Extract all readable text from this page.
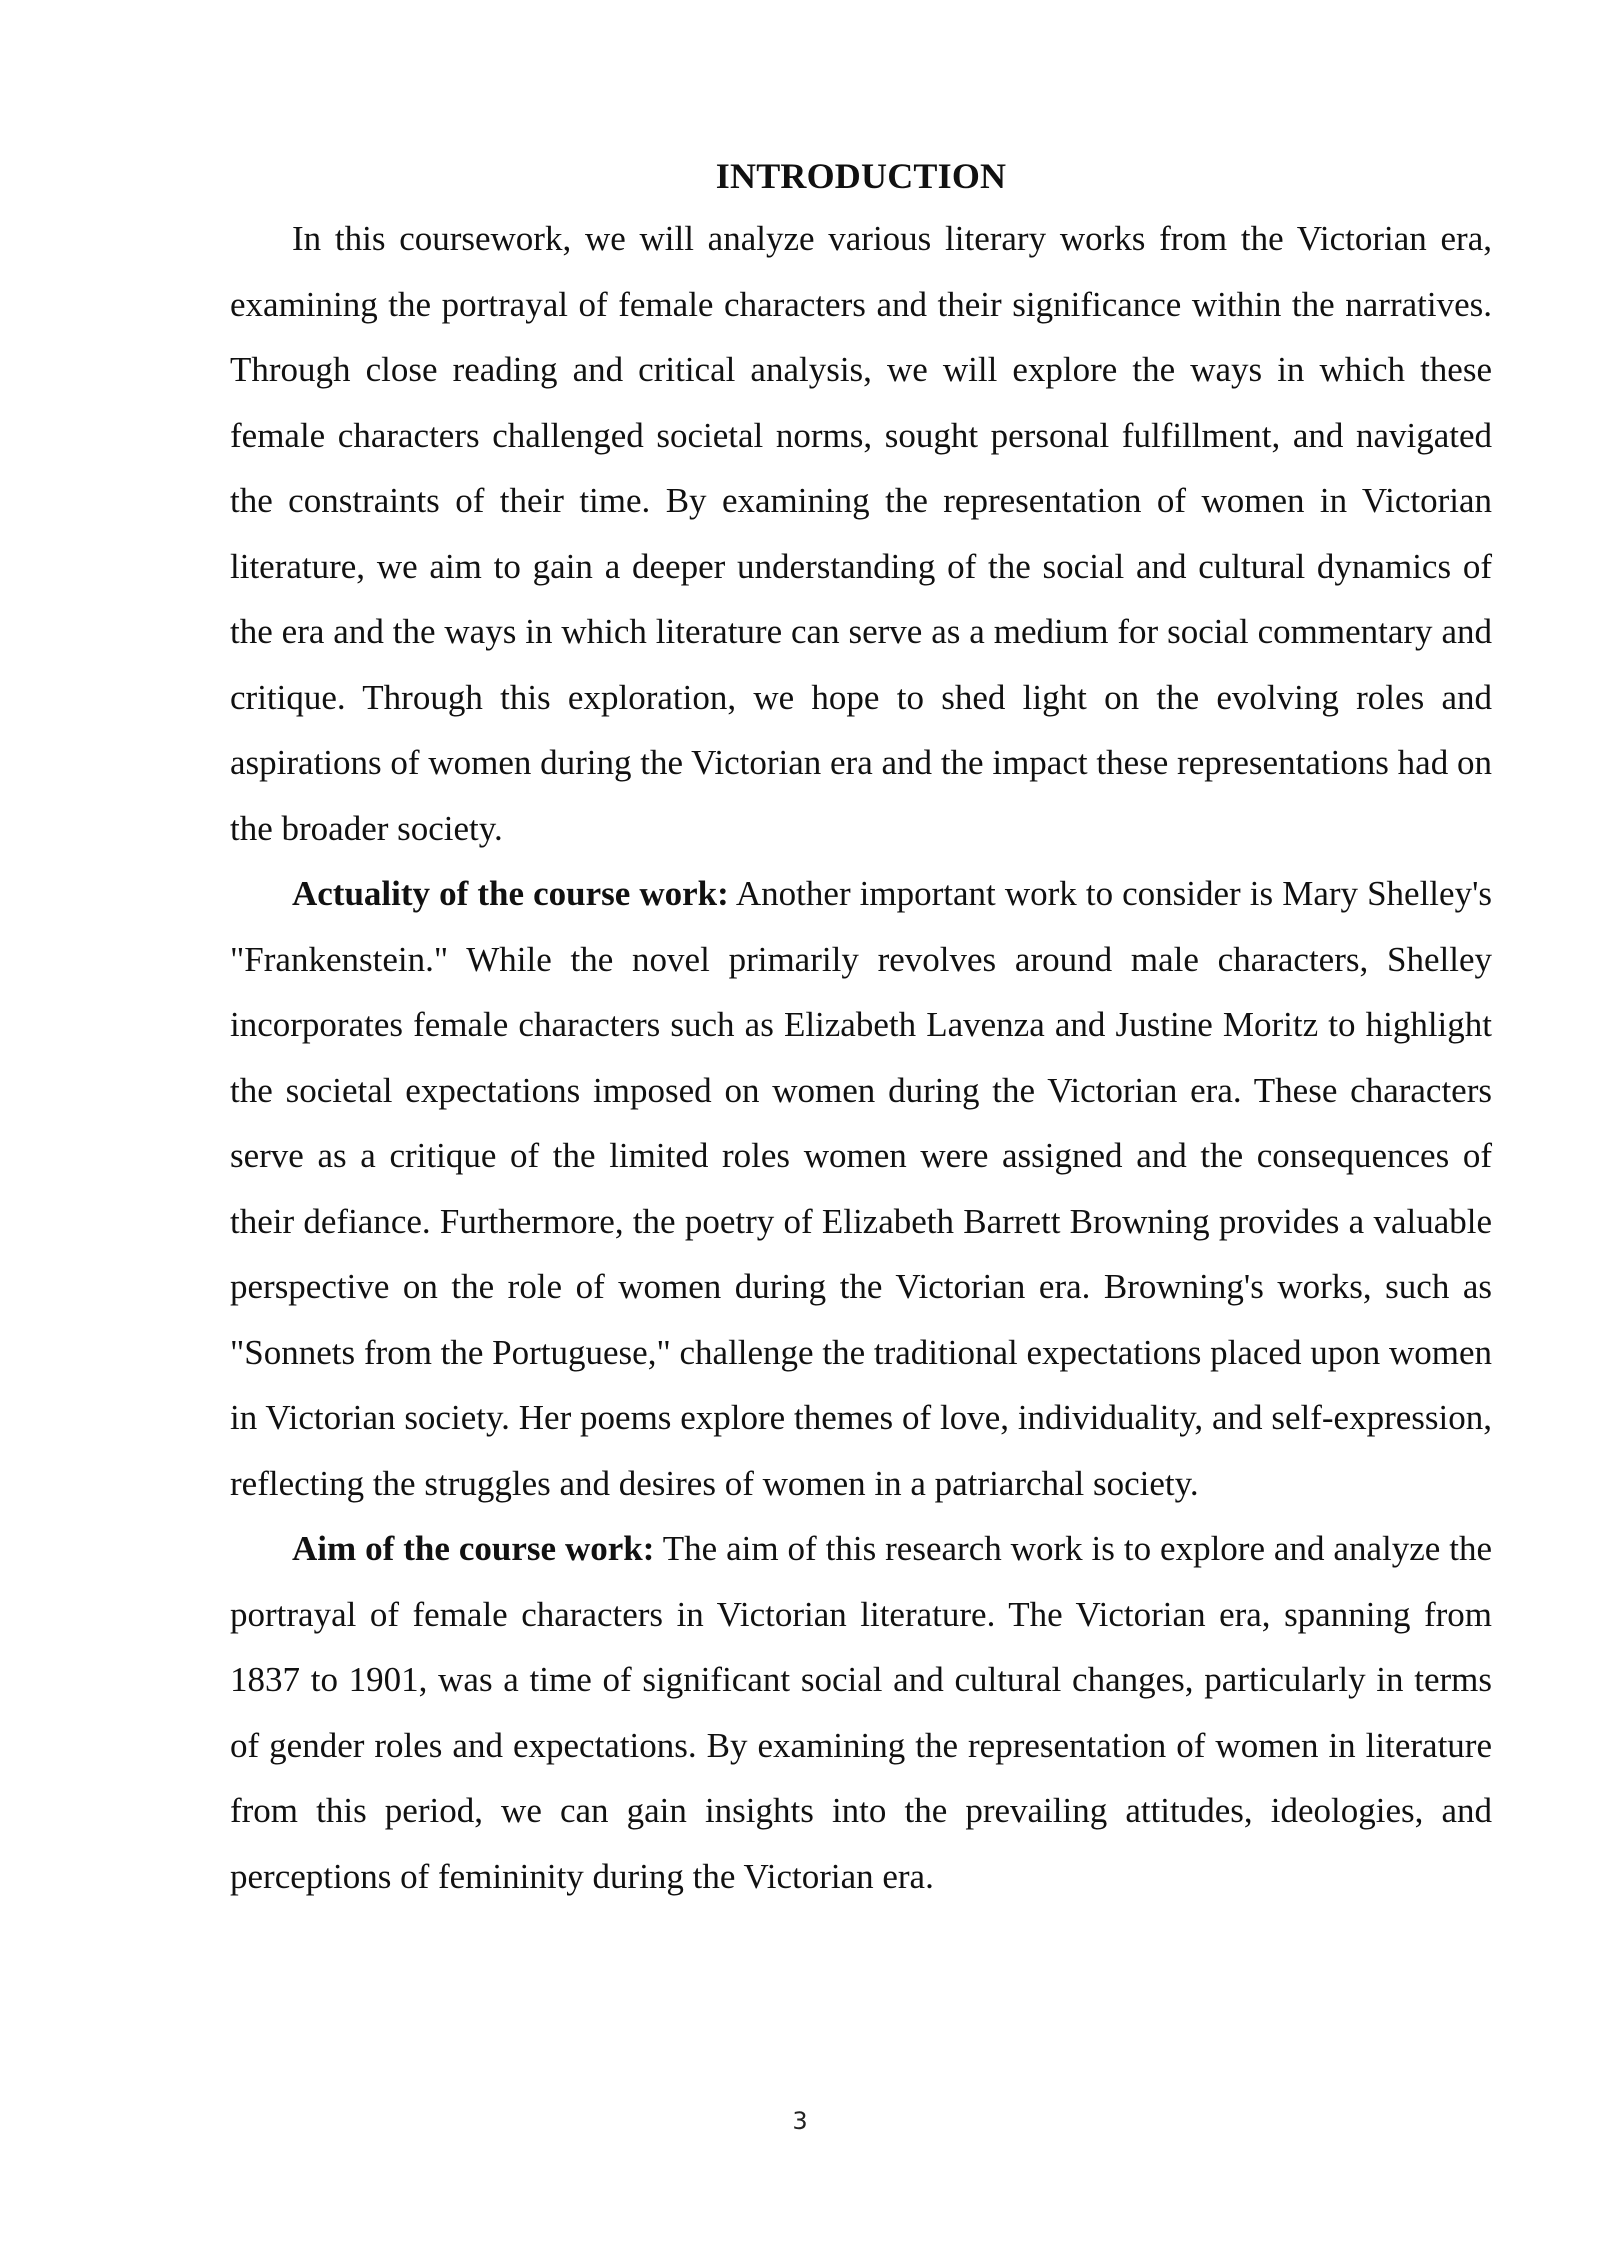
INTRODUCTION

In this coursework, we will analyze various literary works from the Victorian era, examining the portrayal of female characters and their significance within the narratives. Through close reading and critical analysis, we will explore the ways in which these female characters challenged societal norms, sought personal fulfillment, and navigated the constraints of their time. By examining the representation of women in Victorian literature, we aim to gain a deeper understanding of the social and cultural dynamics of the era and the ways in which literature can serve as a medium for social commentary and critique. Through this exploration, we hope to shed light on the evolving roles and aspirations of women during the Victorian era and the impact these representations had on the broader society.

Actuality of the course work: Another important work to consider is Mary Shelley's "Frankenstein." While the novel primarily revolves around male characters, Shelley incorporates female characters such as Elizabeth Lavenza and Justine Moritz to highlight the societal expectations imposed on women during the Victorian era. These characters serve as a critique of the limited roles women were assigned and the consequences of their defiance. Furthermore, the poetry of Elizabeth Barrett Browning provides a valuable perspective on the role of women during the Victorian era. Browning's works, such as "Sonnets from the Portuguese," challenge the traditional expectations placed upon women in Victorian society. Her poems explore themes of love, individuality, and self-expression, reflecting the struggles and desires of women in a patriarchal society.

Aim of the course work: The aim of this research work is to explore and analyze the portrayal of female characters in Victorian literature. The Victorian era, spanning from 1837 to 1901, was a time of significant social and cultural changes, particularly in terms of gender roles and expectations. By examining the representation of women in literature from this period, we can gain insights into the prevailing attitudes, ideologies, and perceptions of femininity during the Victorian era.

3
